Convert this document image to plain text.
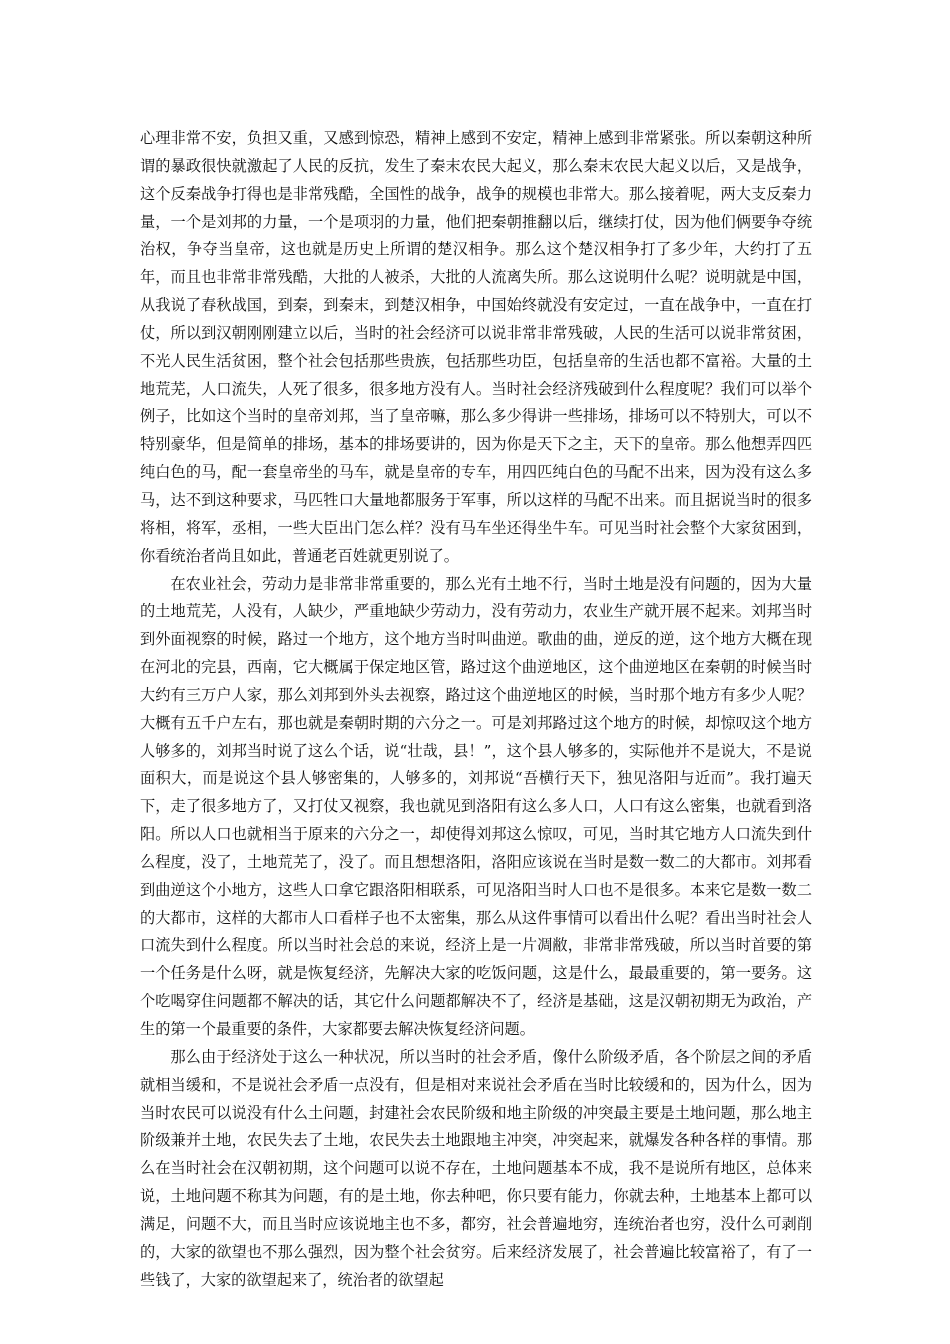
心理非常不安，负担又重，又感到惊恐，精神上感到不安定，精神上感到非常紧张。所以秦朝这种所谓的暴政很快就激起了人民的反抗，发生了秦末农民大起义，那么秦末农民大起义以后，又是战争，这个反秦战争打得也是非常残酷，全国性的战争，战争的规模也非常大。那么接着呢，两大支反秦力量，一个是刘邦的力量，一个是项羽的力量，他们把秦朝推翻以后，继续打仗，因为他们俩要争夺统治权，争夺当皇帝，这也就是历史上所谓的楚汉相争。那么这个楚汉相争打了多少年，大约打了五年，而且也非常非常残酷，大批的人被杀，大批的人流离失所。那么这说明什么呢？说明就是中国，从我说了春秋战国，到秦，到秦末，到楚汉相争，中国始终就没有安定过，一直在战争中，一直在打仗，所以到汉朝刚刚建立以后，当时的社会经济可以说非常非常残破，人民的生活可以说非常贫困，不光人民生活贫困，整个社会包括那些贵族，包括那些功臣，包括皇帝的生活也都不富裕。大量的土地荒芜，人口流失，人死了很多，很多地方没有人。当时社会经济残破到什么程度呢？我们可以举个例子，比如这个当时的皇帝刘邦，当了皇帝嘛，那么多少得讲一些排场，排场可以不特别大，可以不特别豪华，但是简单的排场，基本的排场要讲的，因为你是天下之主，天下的皇帝。那么他想弄四匹纯白色的马，配一套皇帝坐的马车，就是皇帝的专车，用四匹纯白色的马配不出来，因为没有这么多马，达不到这种要求，马匹牲口大量地都服务于军事，所以这样的马配不出来。而且据说当时的很多将相，将军，丞相，一些大臣出门怎么样？没有马车坐还得坐牛车。可见当时社会整个大家贫困到，你看统治者尚且如此，普通老百姓就更别说了。

在农业社会，劳动力是非常非常重要的，那么光有土地不行，当时土地是没有问题的，因为大量的土地荒芜，人没有，人缺少，严重地缺少劳动力，没有劳动力，农业生产就开展不起来。刘邦当时到外面视察的时候，路过一个地方，这个地方当时叫曲逆。歌曲的曲，逆反的逆，这个地方大概在现在河北的完县，西南，它大概属于保定地区管，路过这个曲逆地区，这个曲逆地区在秦朝的时候当时大约有三万户人家，那么刘邦到外头去视察，路过这个曲逆地区的时候，当时那个地方有多少人呢？大概有五千户左右，那也就是秦朝时期的六分之一。可是刘邦路过这个地方的时候，却惊叹这个地方人够多的，刘邦当时说了这么个话，说“壮哉，县！”，这个县人够多的，实际他并不是说大，不是说面积大，而是说这个县人够密集的，人够多的，刘邦说“吾横行天下，独见洛阳与近而”。我打遍天下，走了很多地方了，又打仗又视察，我也就见到洛阳有这么多人口，人口有这么密集，也就看到洛阳。所以人口也就相当于原来的六分之一，却使得刘邦这么惊叹，可见，当时其它地方人口流失到什么程度，没了，土地荒芜了，没了。而且想想洛阳，洛阳应该说在当时是数一数二的大都市。刘邦看到曲逆这个小地方，这些人口拿它跟洛阳相联系，可见洛阳当时人口也不是很多。本来它是数一数二的大都市，这样的大都市人口看样子也不太密集，那么从这件事情可以看出什么呢？看出当时社会人口流失到什么程度。所以当时社会总的来说，经济上是一片凋敝，非常非常残破，所以当时首要的第一个任务是什么呀，就是恢复经济，先解决大家的吃饭问题，这是什么，最最重要的，第一要务。这个吃喝穿住问题都不解决的话，其它什么问题都解决不了，经济是基础，这是汉朝初期无为政治，产生的第一个最重要的条件，大家都要去解决恢复经济问题。

那么由于经济处于这么一种状况，所以当时的社会矛盾，像什么阶级矛盾，各个阶层之间的矛盾就相当缓和，不是说社会矛盾一点没有，但是相对来说社会矛盾在当时比较缓和的，因为什么，因为当时农民可以说没有什么土问题，封建社会农民阶级和地主阶级的冲突最主要是土地问题，那么地主阶级兼并土地，农民失去了土地，农民失去土地跟地主冲突，冲突起来，就爆发各种各样的事情。那么在当时社会在汉朝初期，这个问题可以说不存在，土地问题基本不成，我不是说所有地区，总体来说，土地问题不称其为问题，有的是土地，你去种吧，你只要有能力，你就去种，土地基本上都可以满足，问题不大，而且当时应该说地主也不多，都穷，社会普遍地穷，连统治者也穷，没什么可剥削的，大家的欲望也不那么强烈，因为整个社会贫穷。后来经济发展了，社会普遍比较富裕了，有了一些钱了，大家的欲望起来了，统治者的欲望起
